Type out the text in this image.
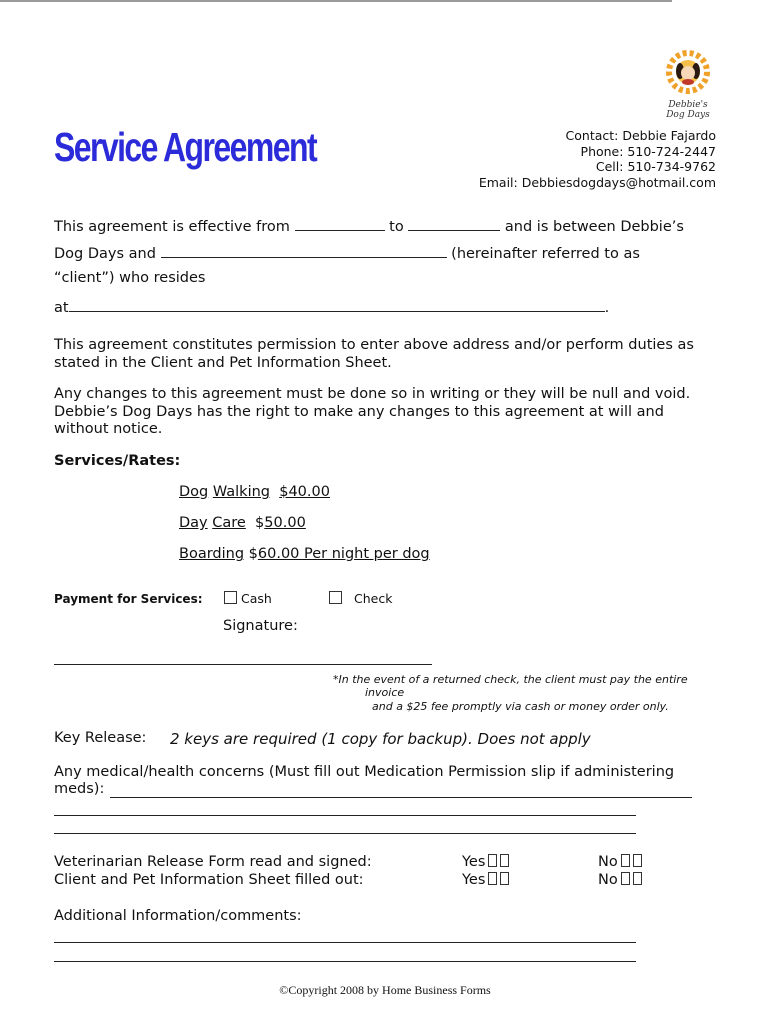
Service Agreement
Debbie's
Dog Days
Contact: Debbie Fajardo
Phone: 510-724-2447
Cell: 510-734-9762
Email: Debbiesdogdays@hotmail.com
This agreement is effective from	to	and is between Debbie’s
Dog Days and	(hereinafter referred to as
“client”) who resides
at	.
This agreement constitutes permission to enter above address and/or perform duties as stated in the Client and Pet Information Sheet.
Any changes to this agreement must be done so in writing or they will be null and void. Debbie’s Dog Days has the right to make any changes to this agreement at will and without notice.
Services/Rates:
Dog Walking $40.00
Day Care $50.00
Boarding $60.00 Per night per dog
Payment for Services:	Cash	Check
Signature:
*In the event of a returned check, the client must pay the entire
invoice
and a $25 fee promptly via cash or money order only.
Key Release: 2 keys are required (1 copy for backup). Does not apply
Any medical/health concerns (Must fill out Medication Permission slip if administering
meds):
Veterinarian Release Form read and signed:	Yes	No
Client and Pet Information Sheet filled out:	Yes	No
Additional Information/comments:
©Copyright 2008 by Home Business Forms
